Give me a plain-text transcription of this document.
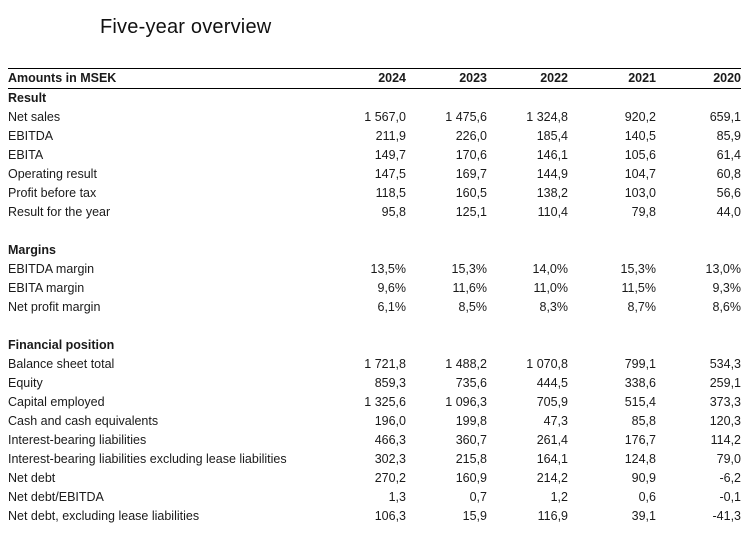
Five-year overview
Amounts in MSEK	2024	2023	2022	2021	2020
Result					
Net sales	1 567,0	1 475,6	1 324,8	920,2	659,1
EBITDA	211,9	226,0	185,4	140,5	85,9
EBITA	149,7	170,6	146,1	105,6	61,4
Operating result	147,5	169,7	144,9	104,7	60,8
Profit before tax	118,5	160,5	138,2	103,0	56,6
Result for the year	95,8	125,1	110,4	79,8	44,0

Margins					
EBITDA margin	13,5%	15,3%	14,0%	15,3%	13,0%
EBITA margin	9,6%	11,6%	11,0%	11,5%	9,3%
Net profit margin	6,1%	8,5%	8,3%	8,7%	8,6%

Financial position					
Balance sheet total	1 721,8	1 488,2	1 070,8	799,1	534,3
Equity	859,3	735,6	444,5	338,6	259,1
Capital employed	1 325,6	1 096,3	705,9	515,4	373,3
Cash and cash equivalents	196,0	199,8	47,3	85,8	120,3
Interest-bearing liabilities	466,3	360,7	261,4	176,7	114,2
Interest-bearing liabilities excluding lease liabilities	302,3	215,8	164,1	124,8	79,0
Net debt	270,2	160,9	214,2	90,9	-6,2
Net debt/EBITDA	1,3	0,7	1,2	0,6	-0,1
Net debt, excluding lease liabilities	106,3	15,9	116,9	39,1	-41,3
